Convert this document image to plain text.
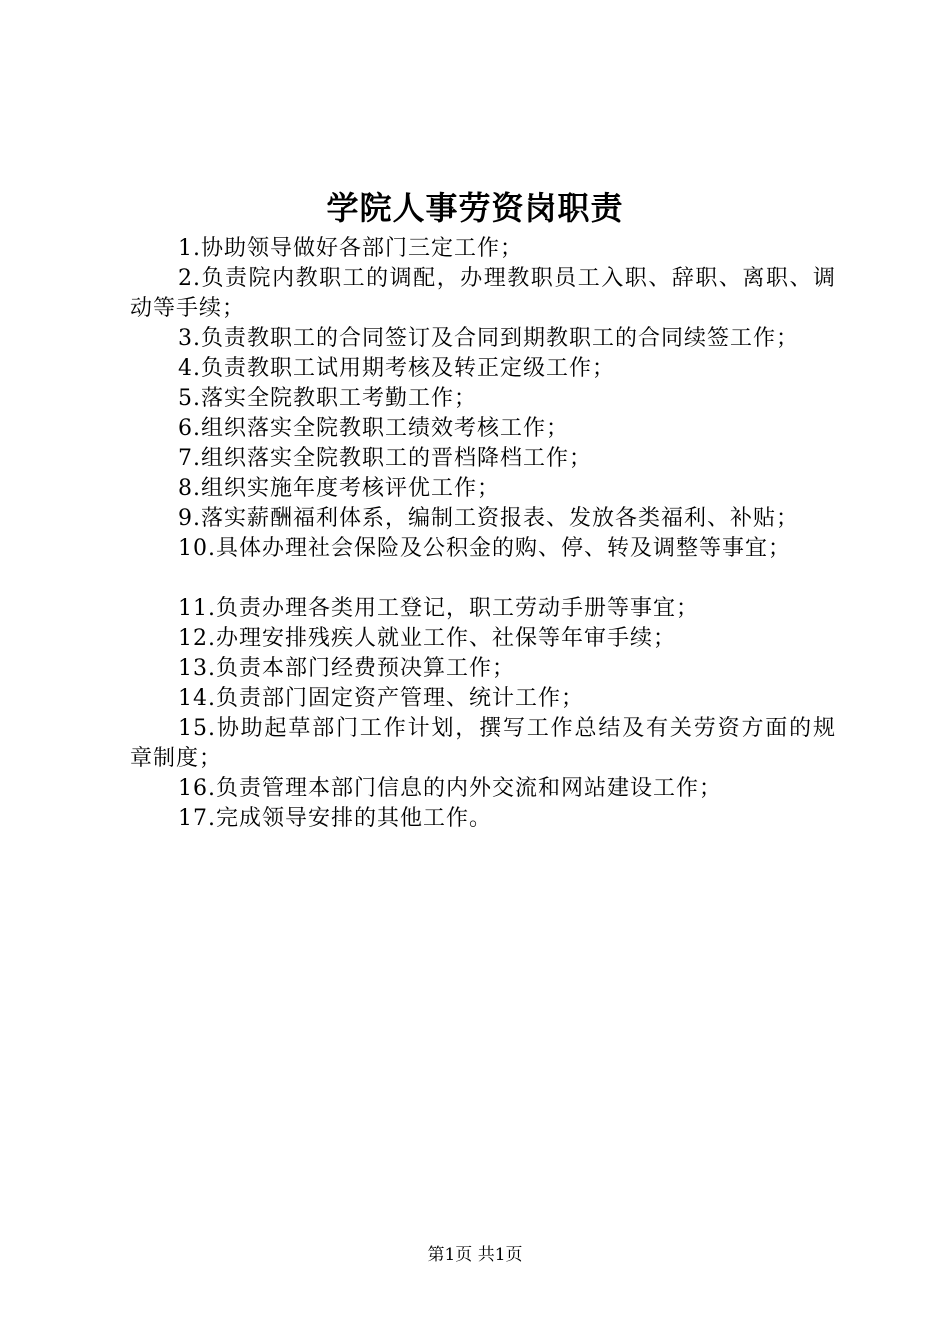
学院人事劳资岗职责

1.协助领导做好各部门三定工作；

2.负责院内教职工的调配，办理教职员工入职、辞职、离职、调动等手续；

3.负责教职工的合同签订及合同到期教职工的合同续签工作；

4.负责教职工试用期考核及转正定级工作；

5.落实全院教职工考勤工作；

6.组织落实全院教职工绩效考核工作；

7.组织落实全院教职工的晋档降档工作；

8.组织实施年度考核评优工作；

9.落实薪酬福利体系，编制工资报表、发放各类福利、补贴；

10.具体办理社会保险及公积金的购、停、转及调整等事宜；

11.负责办理各类用工登记，职工劳动手册等事宜；

12.办理安排残疾人就业工作、社保等年审手续；

13.负责本部门经费预决算工作；

14.负责部门固定资产管理、统计工作；

15.协助起草部门工作计划，撰写工作总结及有关劳资方面的规章制度；

16.负责管理本部门信息的内外交流和网站建设工作；

17.完成领导安排的其他工作。

第1页 共1页
